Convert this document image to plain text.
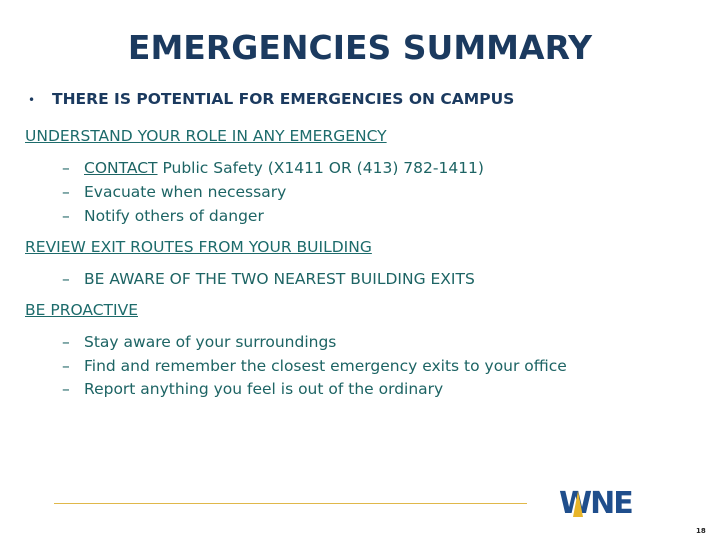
EMERGENCIES SUMMARY
• THERE IS POTENTIAL FOR EMERGENCIES ON CAMPUS
UNDERSTAND YOUR ROLE IN ANY EMERGENCY
– CONTACT Public Safety (X1411 OR (413) 782-1411)
– Evacuate when necessary
– Notify others of danger
REVIEW EXIT ROUTES FROM YOUR BUILDING
– BE AWARE OF THE TWO NEAREST BUILDING EXITS
BE PROACTIVE
– Stay aware of your surroundings
– Find and remember the closest emergency exits to your office
– Report anything you feel is out of the ordinary
WNE
18
